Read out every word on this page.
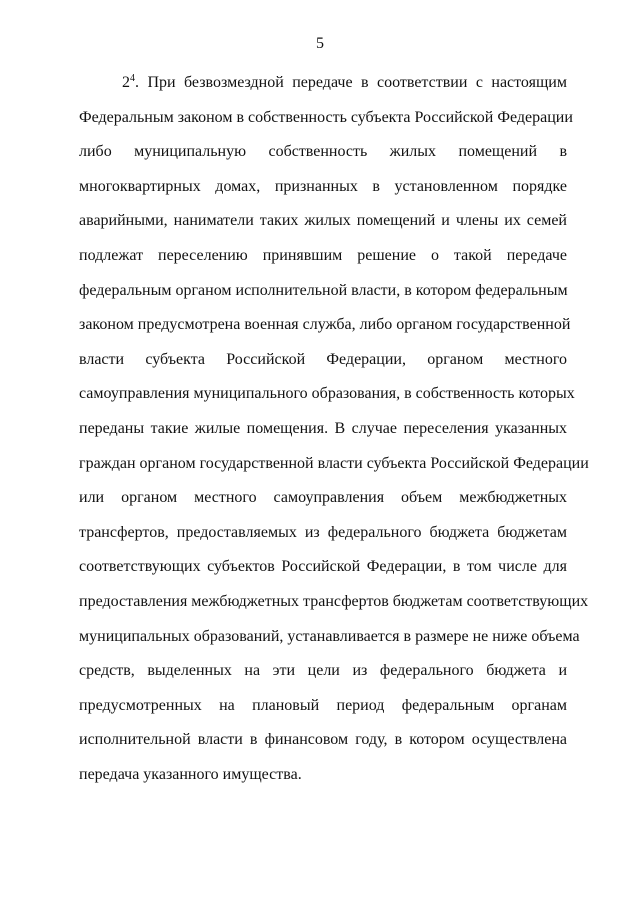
5
$2^4$. При безвозмездной передаче в соответствии с настоящим
Федеральным законом в собственность субъекта Российской Федерации
либо муниципальную собственность жилых помещений в
многоквартирных домах, признанных в установленном порядке
аварийными, наниматели таких жилых помещений и члены их семей
подлежат переселению принявшим решение о такой передаче
федеральным органом исполнительной власти, в котором федеральным
законом предусмотрена военная служба, либо органом государственной
власти субъекта Российской Федерации, органом местного
самоуправления муниципального образования, в собственность которых
переданы такие жилые помещения. В случае переселения указанных
граждан органом государственной власти субъекта Российской Федерации
или органом местного самоуправления объем межбюджетных
трансфертов, предоставляемых из федерального бюджета бюджетам
соответствующих субъектов Российской Федерации, в том числе для
предоставления межбюджетных трансфертов бюджетам соответствующих
муниципальных образований, устанавливается в размере не ниже объема
средств, выделенных на эти цели из федерального бюджета и
предусмотренных на плановый период федеральным органам
исполнительной власти в финансовом году, в котором осуществлена
передача указанного имущества.
